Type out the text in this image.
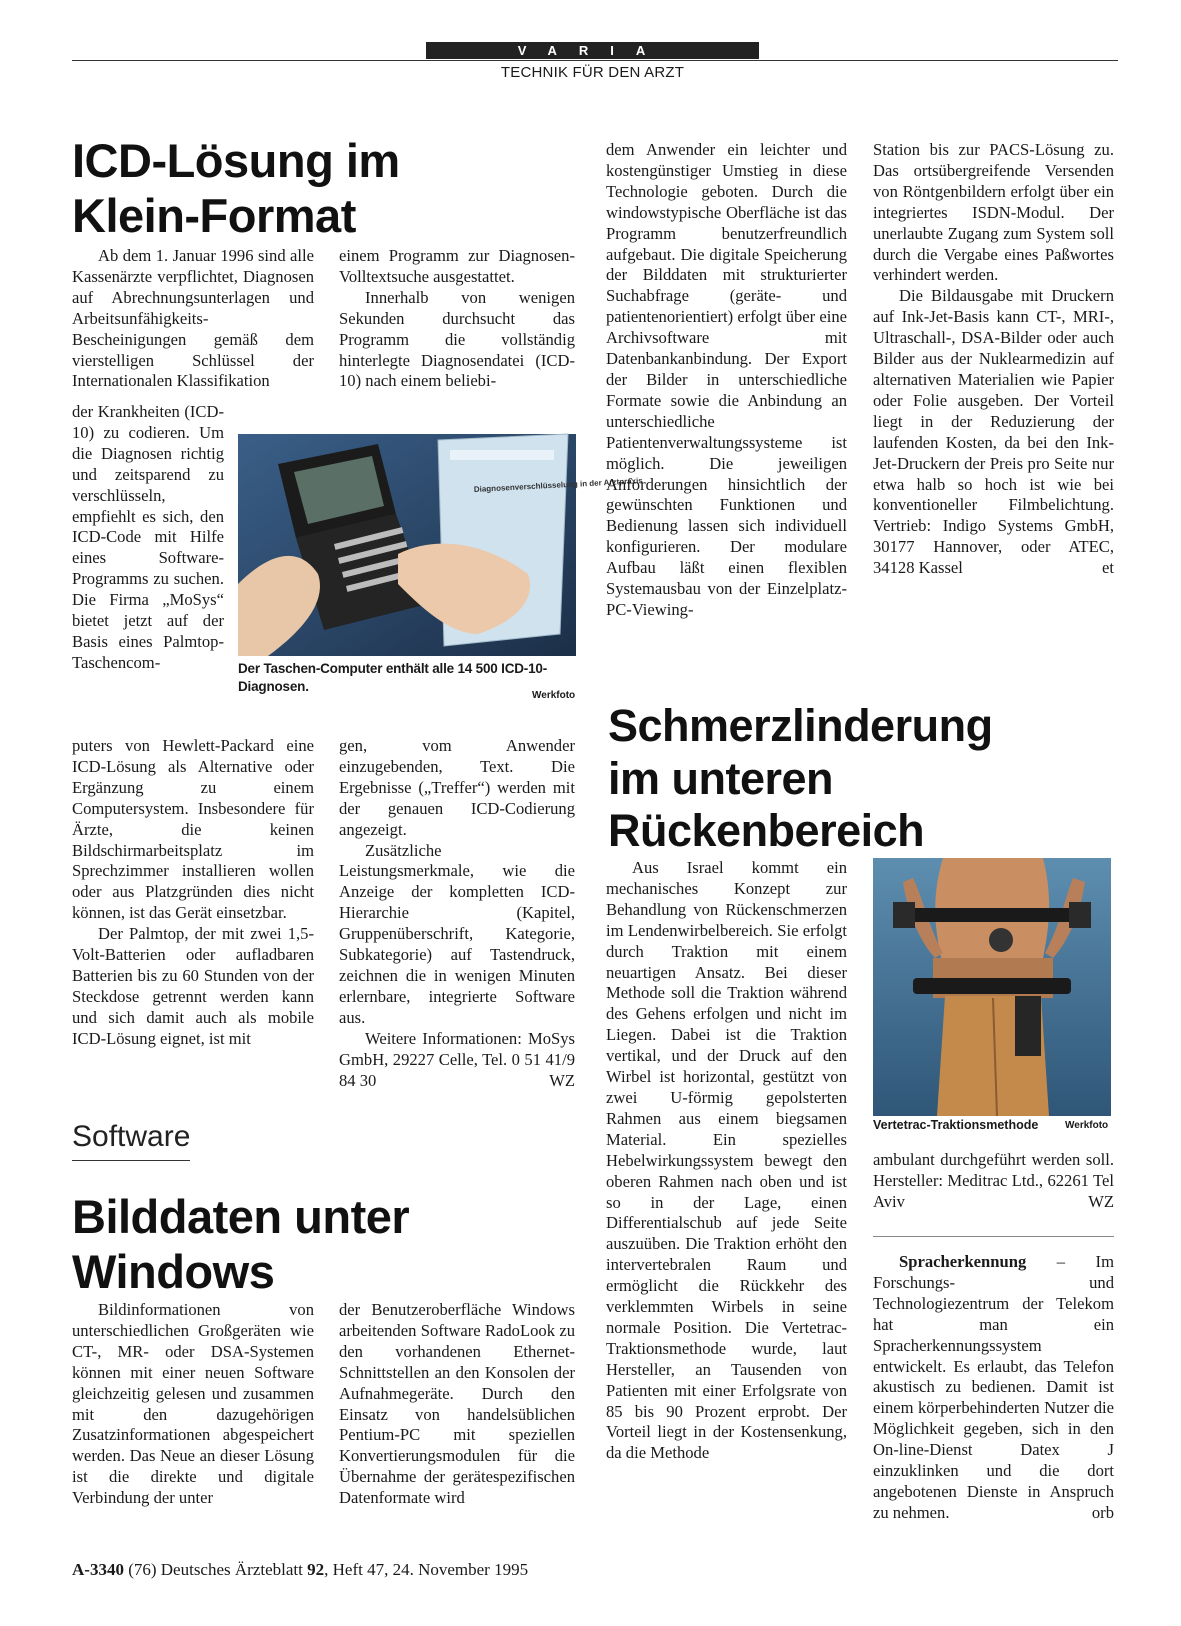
VARIA
TECHNIK FÜR DEN ARZT
ICD-Lösung im
Klein-Format

Ab dem 1. Januar 1996 sind alle Kassenärzte verpflichtet, Diagnosen auf Abrechnungsunterlagen und Arbeitsunfähigkeits-Bescheinigungen gemäß dem vierstelligen Schlüssel der Internationalen Klassifikation

der Krankheiten (ICD-10) zu codieren. Um die Diagnosen richtig und zeitsparend zu verschlüsseln, empfiehlt es sich, den ICD-Code mit Hilfe eines Software-Programms zu suchen. Die Firma „MoSys“ bietet jetzt auf der Basis eines Palmtop-Taschencom-

puters von Hewlett-Packard eine ICD-Lösung als Alternative oder Ergänzung zu einem Computersystem. Insbesondere für Ärzte, die keinen Bildschirmarbeitsplatz im Sprechzimmer installieren wollen oder aus Platzgründen dies nicht können, ist das Gerät einsetzbar.

Der Palmtop, der mit zwei 1,5-Volt-Batterien oder aufladbaren Batterien bis zu 60 Stunden von der Steckdose getrennt werden kann und sich damit auch als mobile ICD-Lösung eignet, ist mit

einem Programm zur Diagnosen-Volltextsuche ausgestattet.

Innerhalb von wenigen Sekunden durchsucht das Programm die vollständig hinterlegte Diagnosendatei (ICD-10) nach einem beliebi-

Diagnosenverschlüsselung in der Arztpraxis
Der Taschen-Computer enthält alle 14 500 ICD-10-Diagnosen.
Werkfoto

gen, vom Anwender einzugebenden, Text. Die Ergebnisse („Treffer“) werden mit der genauen ICD-Codierung angezeigt.

Zusätzliche Leistungsmerkmale, wie die Anzeige der kompletten ICD-Hierarchie (Kapitel, Gruppenüberschrift, Kategorie, Subkategorie) auf Tastendruck, zeichnen die in wenigen Minuten erlernbare, integrierte Software aus.

Weitere Informationen: MoSys GmbH, 29227 Celle, Tel. 0 51 41/9 84 30	WZ

Software
Bilddaten unter
Windows

Bildinformationen von unterschiedlichen Großgeräten wie CT-, MR- oder DSA-Systemen können mit einer neuen Software gleichzeitig gelesen und zusammen mit den dazugehörigen Zusatzinformationen abgespeichert werden. Das Neue an dieser Lösung ist die direkte und digitale Verbindung der unter

der Benutzeroberfläche Windows arbeitenden Software RadoLook zu den vorhandenen Ethernet-Schnittstellen an den Konsolen der Aufnahmegeräte. Durch den Einsatz von handelsüblichen Pentium-PC mit speziellen Konvertierungsmodulen für die Übernahme der gerätespezifischen Datenformate wird

dem Anwender ein leichter und kostengünstiger Umstieg in diese Technologie geboten. Durch die windowstypische Oberfläche ist das Programm benutzerfreundlich aufgebaut. Die digitale Speicherung der Bilddaten mit strukturierter Suchabfrage (geräte- und patientenorientiert) erfolgt über eine Archivsoftware mit Datenbankanbindung. Der Export der Bilder in unterschiedliche Formate sowie die Anbindung an unterschiedliche Patientenverwaltungssysteme ist möglich. Die jeweiligen Anforderungen hinsichtlich der gewünschten Funktionen und Bedienung lassen sich individuell konfigurieren. Der modulare Aufbau läßt einen flexiblen Systemausbau von der Einzelplatz-PC-Viewing-

Station bis zur PACS-Lösung zu. Das ortsübergreifende Versenden von Röntgenbildern erfolgt über ein integriertes ISDN-Modul. Der unerlaubte Zugang zum System soll durch die Vergabe eines Paßwortes verhindert werden.

Die Bildausgabe mit Druckern auf Ink-Jet-Basis kann CT-, MRI-, Ultraschall-, DSA-Bilder oder auch Bilder aus der Nuklearmedizin auf alternativen Materialien wie Papier oder Folie ausgeben. Der Vorteil liegt in der Reduzierung der laufenden Kosten, da bei den Ink-Jet-Druckern der Preis pro Seite nur etwa halb so hoch ist wie bei konventioneller Filmbelichtung. Vertrieb: Indigo Systems GmbH, 30177 Hannover, oder ATEC, 34128 Kassel	et

Schmerzlinderung
im unteren
Rückenbereich

Aus Israel kommt ein mechanisches Konzept zur Behandlung von Rückenschmerzen im Lendenwirbelbereich. Sie erfolgt durch Traktion mit einem neuartigen Ansatz. Bei dieser Methode soll die Traktion während des Gehens erfolgen und nicht im Liegen. Dabei ist die Traktion vertikal, und der Druck auf den Wirbel ist horizontal, gestützt von zwei U-förmig gepolsterten Rahmen aus einem biegsamen Material. Ein spezielles Hebelwirkungssystem bewegt den oberen Rahmen nach oben und ist so in der Lage, einen Differentialschub auf jede Seite auszuüben. Die Traktion erhöht den intervertebralen Raum und ermöglicht die Rückkehr des verklemmten Wirbels in seine normale Position. Die Vertetrac-Traktionsmethode wurde, laut Hersteller, an Tausenden von Patienten mit einer Erfolgsrate von 85 bis 90 Prozent erprobt. Der Vorteil liegt in der Kostensenkung, da die Methode

Vertetrac-Traktionsmethode	Werkfoto

ambulant durchgeführt werden soll. Hersteller: Meditrac Ltd., 62261 Tel Aviv	WZ

Spracherkennung – Im Forschungs- und Technologiezentrum der Telekom hat man ein Spracherkennungssystem entwickelt. Es erlaubt, das Telefon akustisch zu bedienen. Damit ist einem körperbehinderten Nutzer die Möglichkeit gegeben, sich in den On-line-Dienst Datex J einzuklinken und die dort angebotenen Dienste in Anspruch zu nehmen.	orb

A-3340 (76) Deutsches Ärzteblatt 92, Heft 47, 24. November 1995
